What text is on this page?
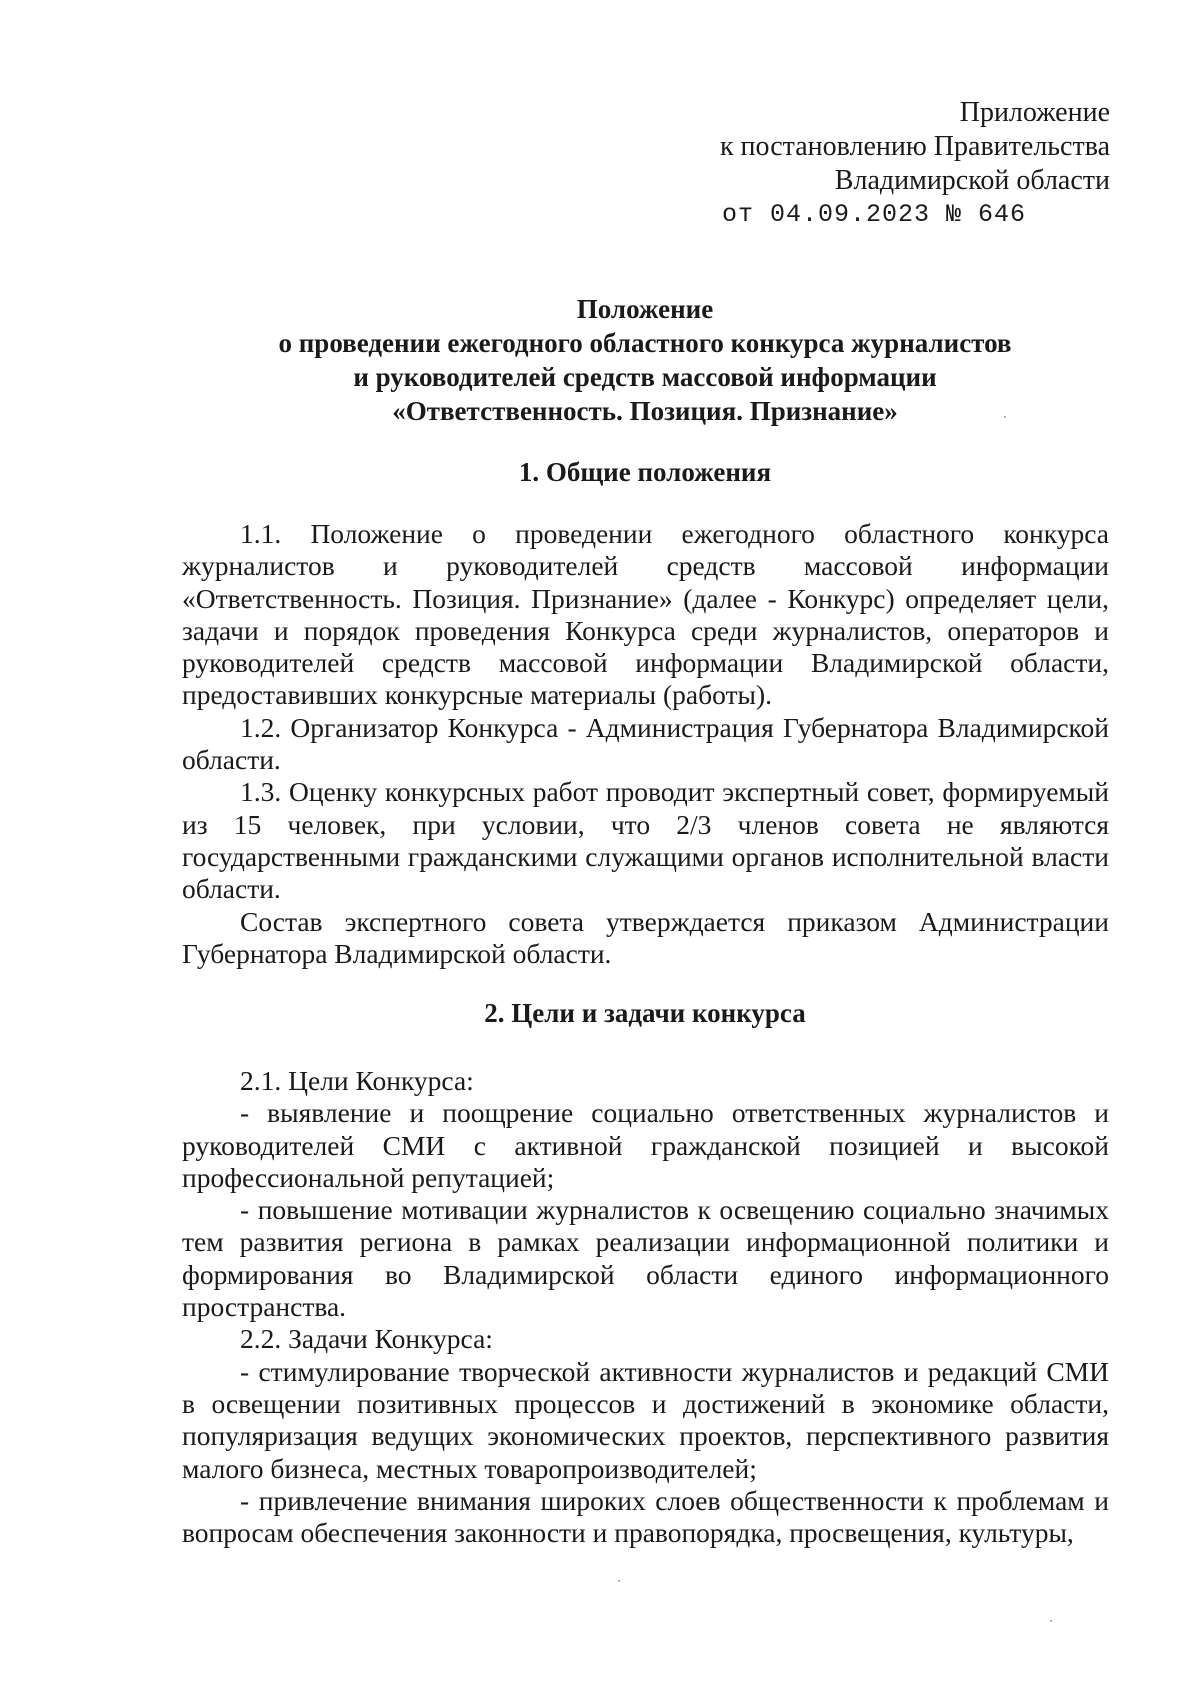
Приложение
к постановлению Правительства
Владимирской области
от 04.09.2023 № 646
Положение
о проведении ежегодного областного конкурса журналистов
и руководителей средств массовой информации
«Ответственность. Позиция. Признание»
1. Общие положения

1.1. Положение о проведении ежегодного областного конкурса журналистов и руководителей средств массовой информации «Ответственность. Позиция. Признание» (далее - Конкурс) определяет цели, задачи и порядок проведения Конкурса среди журналистов, операторов и руководителей средств массовой информации Владимирской области, предоставивших конкурсные материалы (работы).

1.2. Организатор Конкурса - Администрация Губернатора Владимирской области.

1.3. Оценку конкурсных работ проводит экспертный совет, формируемый из 15 человек, при условии, что 2/3 членов совета не являются государственными гражданскими служащими органов исполнительной власти области.

Состав экспертного совета утверждается приказом Администрации Губернатора Владимирской области.

2. Цели и задачи конкурса

2.1. Цели Конкурса:

- выявление и поощрение социально ответственных журналистов и руководителей СМИ с активной гражданской позицией и высокой профессиональной репутацией;

- повышение мотивации журналистов к освещению социально значимых тем развития региона в рамках реализации информационной политики и формирования во Владимирской области единого информационного пространства.

2.2. Задачи Конкурса:

- стимулирование творческой активности журналистов и редакций СМИ в освещении позитивных процессов и достижений в экономике области, популяризация ведущих экономических проектов, перспективного развития малого бизнеса, местных товаропроизводителей;

- привлечение внимания широких слоев общественности к проблемам и вопросам обеспечения законности и правопорядка, просвещения, культуры,
